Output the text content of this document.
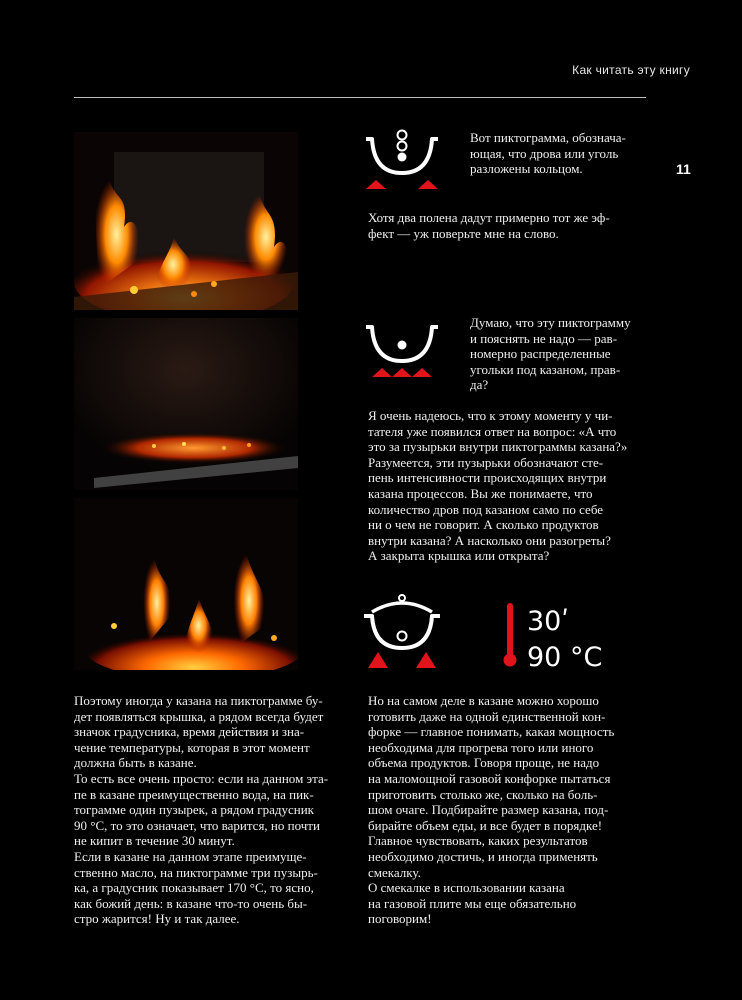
Как читать эту книгу
11
30ʹ
90 °C

Вот пиктограмма, обознача-

ющая, что дрова или уголь

разложены кольцом.

Хотя два полена дадут примерно тот же эф-

фект — уж поверьте мне на слово.

Думаю, что эту пиктограмму

и пояснять не надо — рав-

номерно распределенные

угольки под казаном, прав-

да?

Я очень надеюсь, что к этому моменту у чи-

тателя уже появился ответ на вопрос: «А что

это за пузырьки внутри пиктограммы казана?»

Разумеется, эти пузырьки обозначают сте-

пень интенсивности происходящих внутри

казана процессов. Вы же понимаете, что

количество дров под казаном само по себе

ни о чем не говорит. А сколько продуктов

внутри казана? А насколько они разогреты?

А закрыта крышка или открыта?

Поэтому иногда у казана на пиктограмме бу-

дет появляться крышка, а рядом всегда будет

значок градусника, время действия и зна-

чение температуры, которая в этот момент

должна быть в казане.

То есть все очень просто: если на данном эта-

пе в казане преимущественно вода, на пик-

тограмме один пузырек, а рядом градусник

90 °С, то это означает, что варится, но почти

не кипит в течение 30 минут.

Если в казане на данном этапе преимуще-

ственно масло, на пиктограмме три пузырь-

ка, а градусник показывает 170 °С, то ясно,

как божий день: в казане что-то очень бы-

стро жарится! Ну и так далее.

Но на самом деле в казане можно хорошо

готовить даже на одной единственной кон-

форке — главное понимать, какая мощность

необходима для прогрева того или иного

объема продуктов. Говоря проще, не надо

на маломощной газовой конфорке пытаться

приготовить столько же, сколько на боль-

шом очаге. Подбирайте размер казана, под-

бирайте объем еды, и все будет в порядке!

Главное чувствовать, каких результатов

необходимо достичь, и иногда применять

смекалку.

О смекалке в использовании казана

на газовой плите мы еще обязательно

поговорим!
